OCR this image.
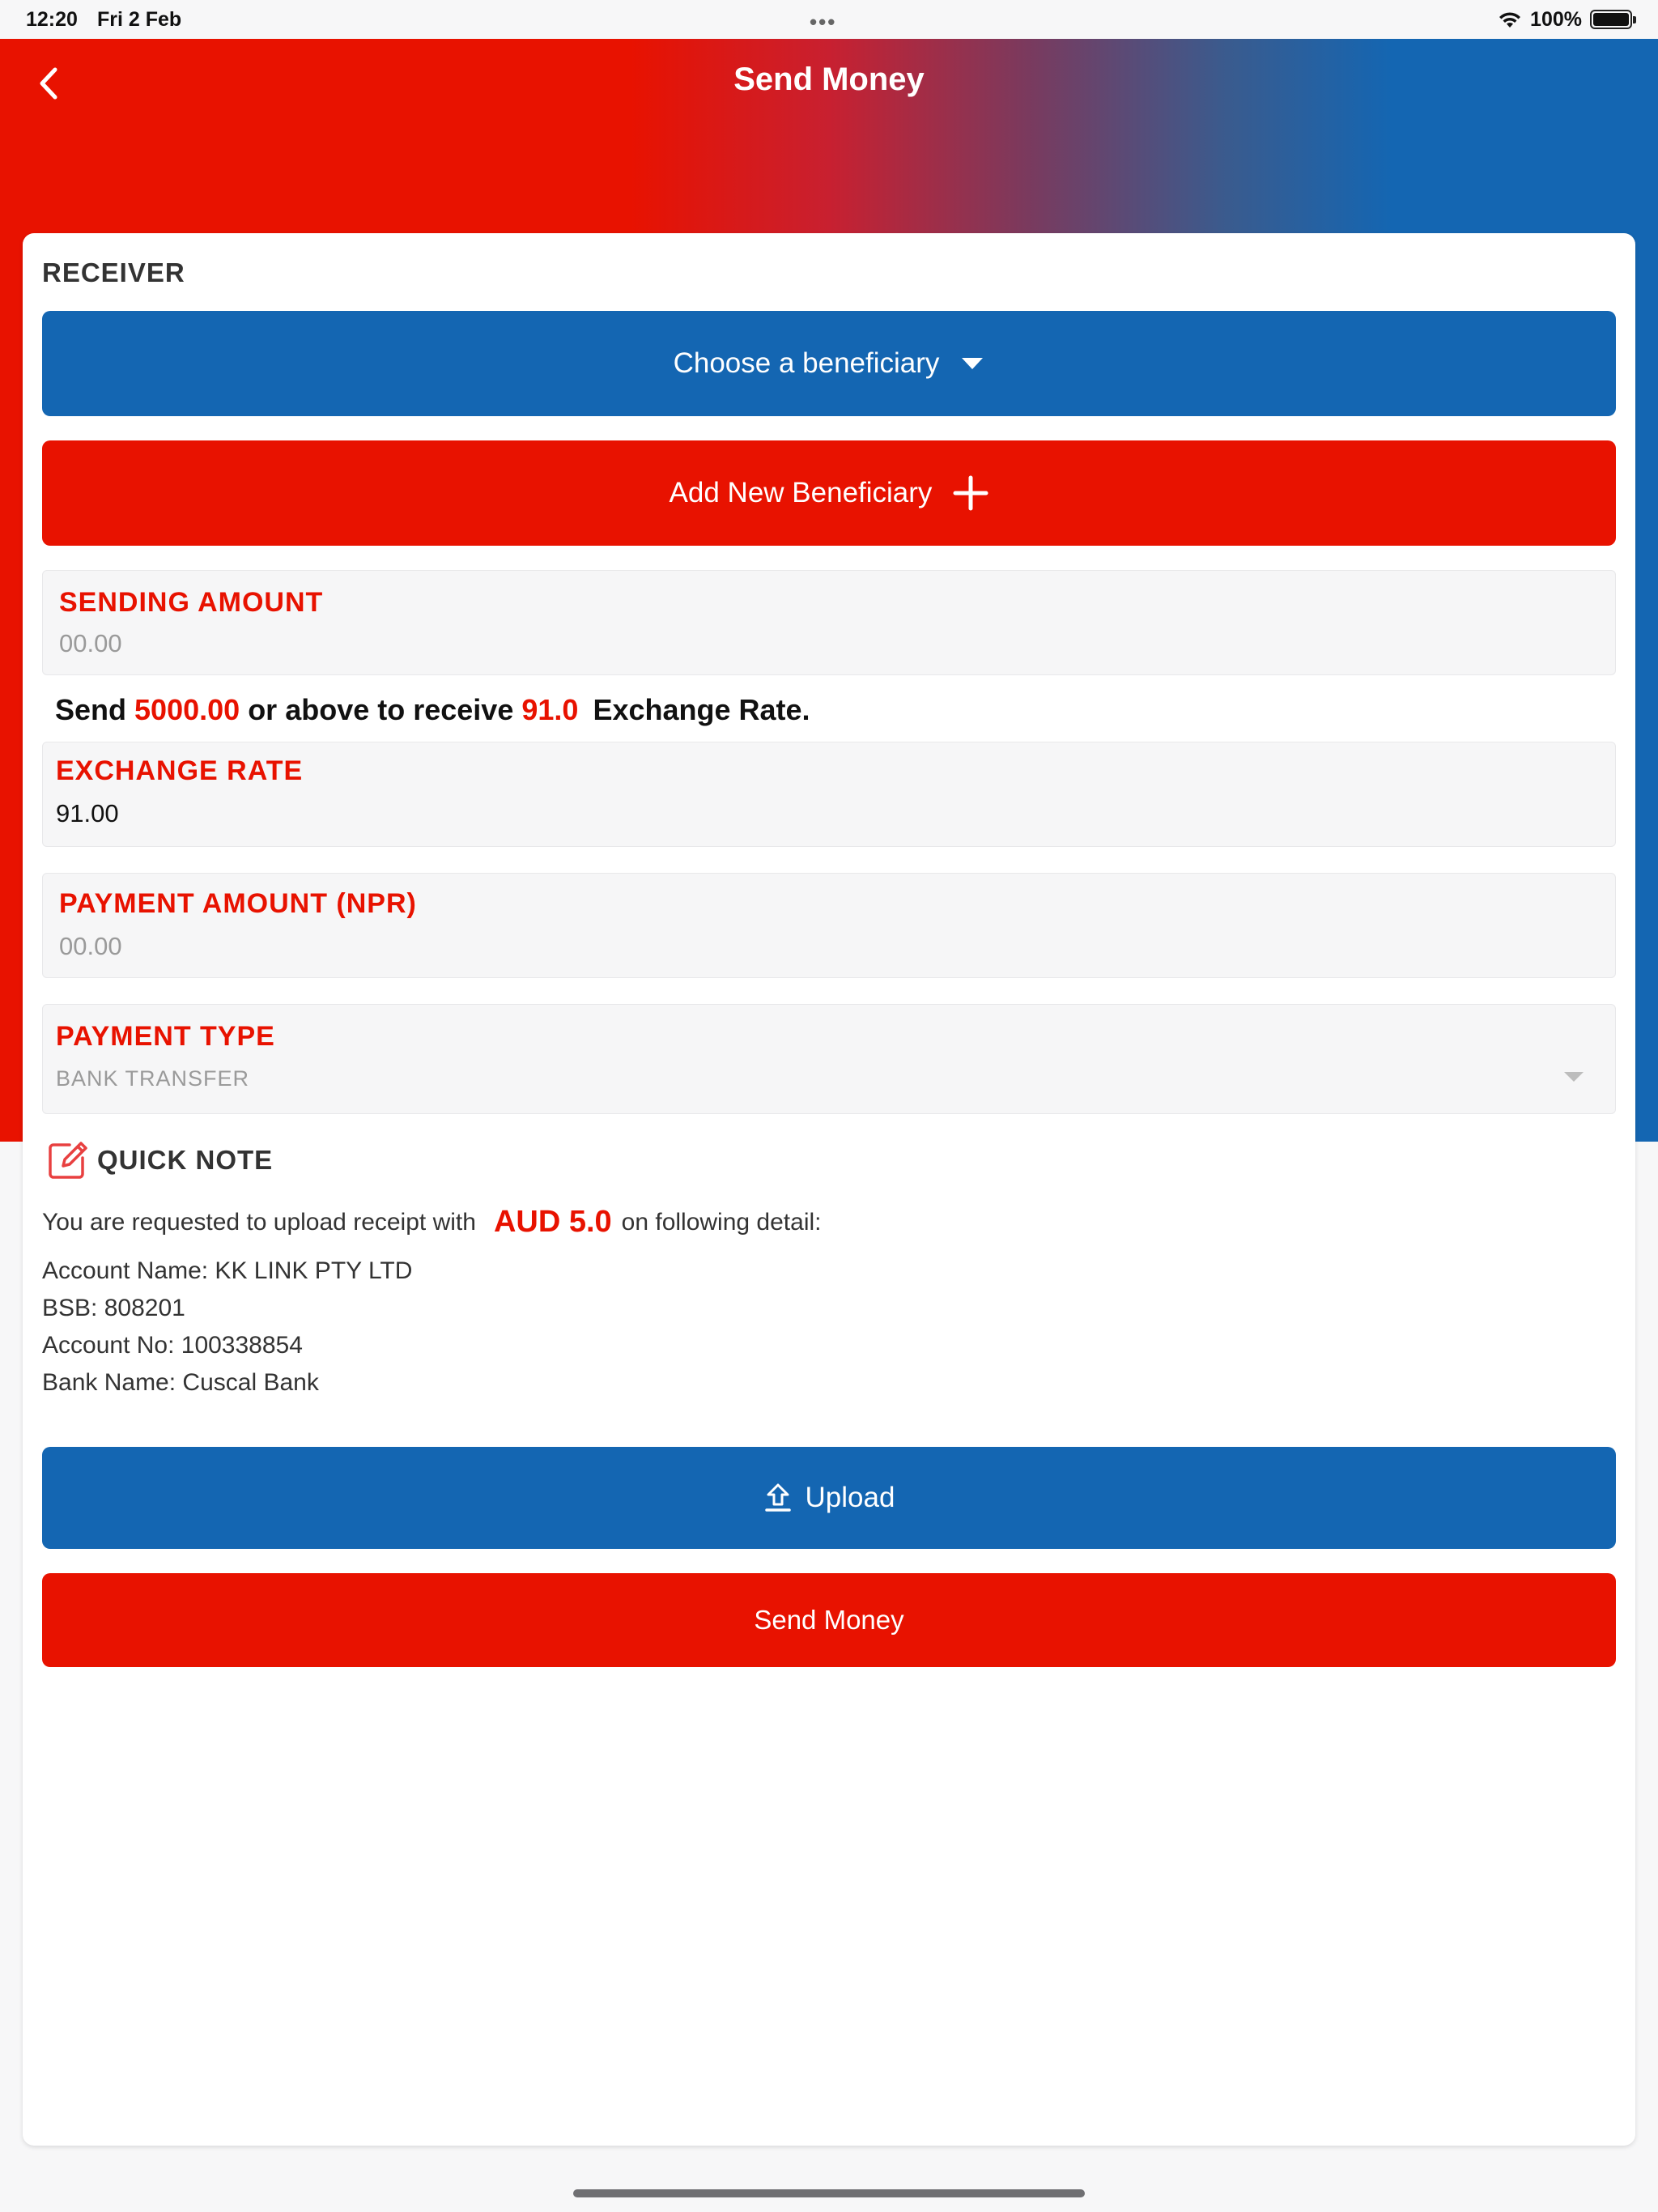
12:20 Fri 2 Feb	•••	100%
Send Money
RECEIVER
Choose a beneficiary
Add New Beneficiary
SENDING AMOUNT
00.00
Send 5000.00 or above to receive 91.0 Exchange Rate.
EXCHANGE RATE
91.00
PAYMENT AMOUNT (NPR)
00.00
PAYMENT TYPE
BANK TRANSFER
QUICK NOTE
You are requested to upload receipt with AUD 5.0 on following detail:
Account Name: KK LINK PTY LTD
BSB: 808201
Account No: 100338854
Bank Name: Cuscal Bank
Upload
Send Money
